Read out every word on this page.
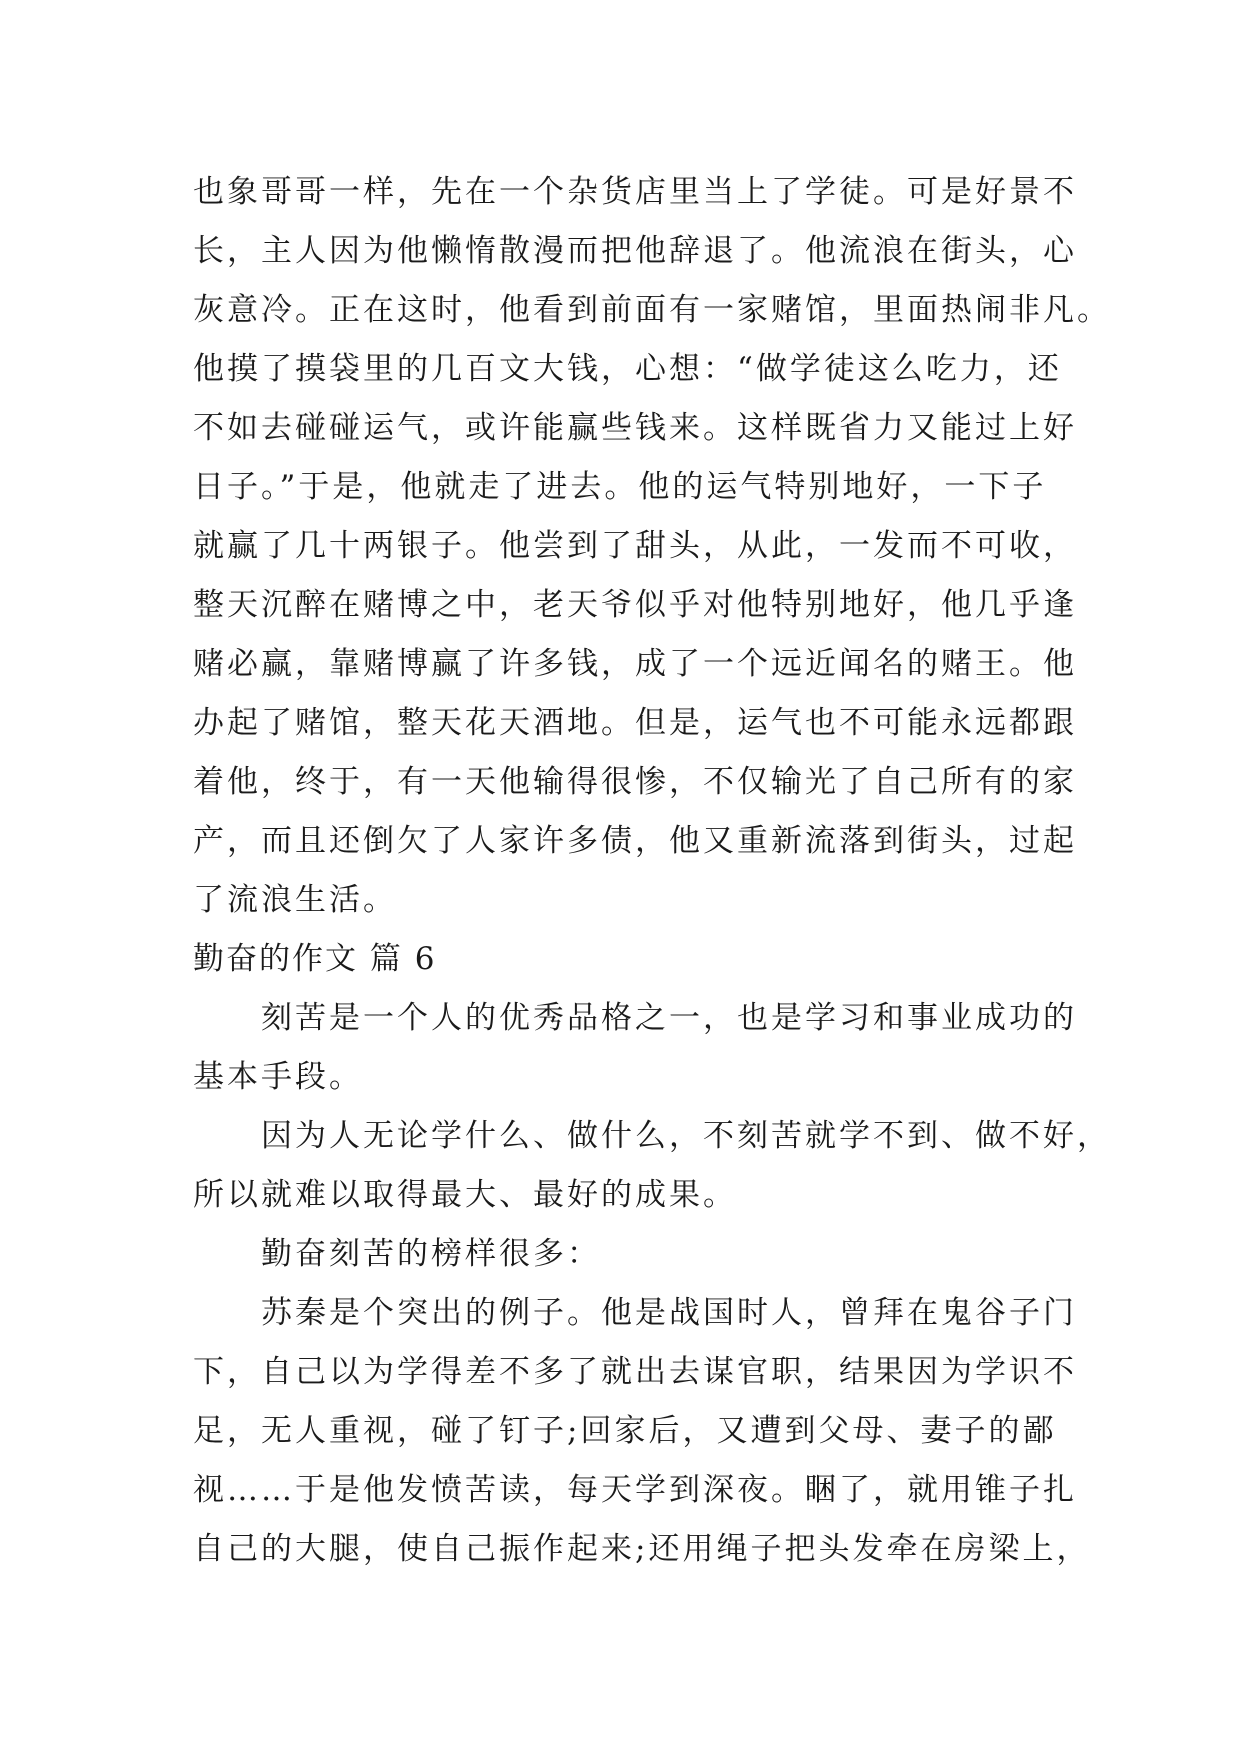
也象哥哥一样，先在一个杂货店里当上了学徒。可是好景不
长，主人因为他懒惰散漫而把他辞退了。他流浪在街头，心
灰意冷。正在这时，他看到前面有一家赌馆，里面热闹非凡。
他摸了摸袋里的几百文大钱，心想：“做学徒这么吃力，还
不如去碰碰运气，或许能赢些钱来。这样既省力又能过上好
日子。”于是，他就走了进去。他的运气特别地好，一下子
就赢了几十两银子。他尝到了甜头，从此，一发而不可收，
整天沉醉在赌博之中，老天爷似乎对他特别地好，他几乎逢
赌必赢，靠赌博赢了许多钱，成了一个远近闻名的赌王。他
办起了赌馆，整天花天酒地。但是，运气也不可能永远都跟
着他，终于，有一天他输得很惨，不仅输光了自己所有的家
产，而且还倒欠了人家许多债，他又重新流落到街头，过起
了流浪生活。
勤奋的作文 篇 6
刻苦是一个人的优秀品格之一，也是学习和事业成功的
基本手段。
因为人无论学什么、做什么，不刻苦就学不到、做不好，
所以就难以取得最大、最好的成果。
勤奋刻苦的榜样很多：
苏秦是个突出的例子。他是战国时人，曾拜在鬼谷子门
下，自己以为学得差不多了就出去谋官职，结果因为学识不
足，无人重视，碰了钉子;回家后，又遭到父母、妻子的鄙
视……于是他发愤苦读，每天学到深夜。睏了，就用锥子扎
自己的大腿，使自己振作起来;还用绳子把头发牵在房梁上，
